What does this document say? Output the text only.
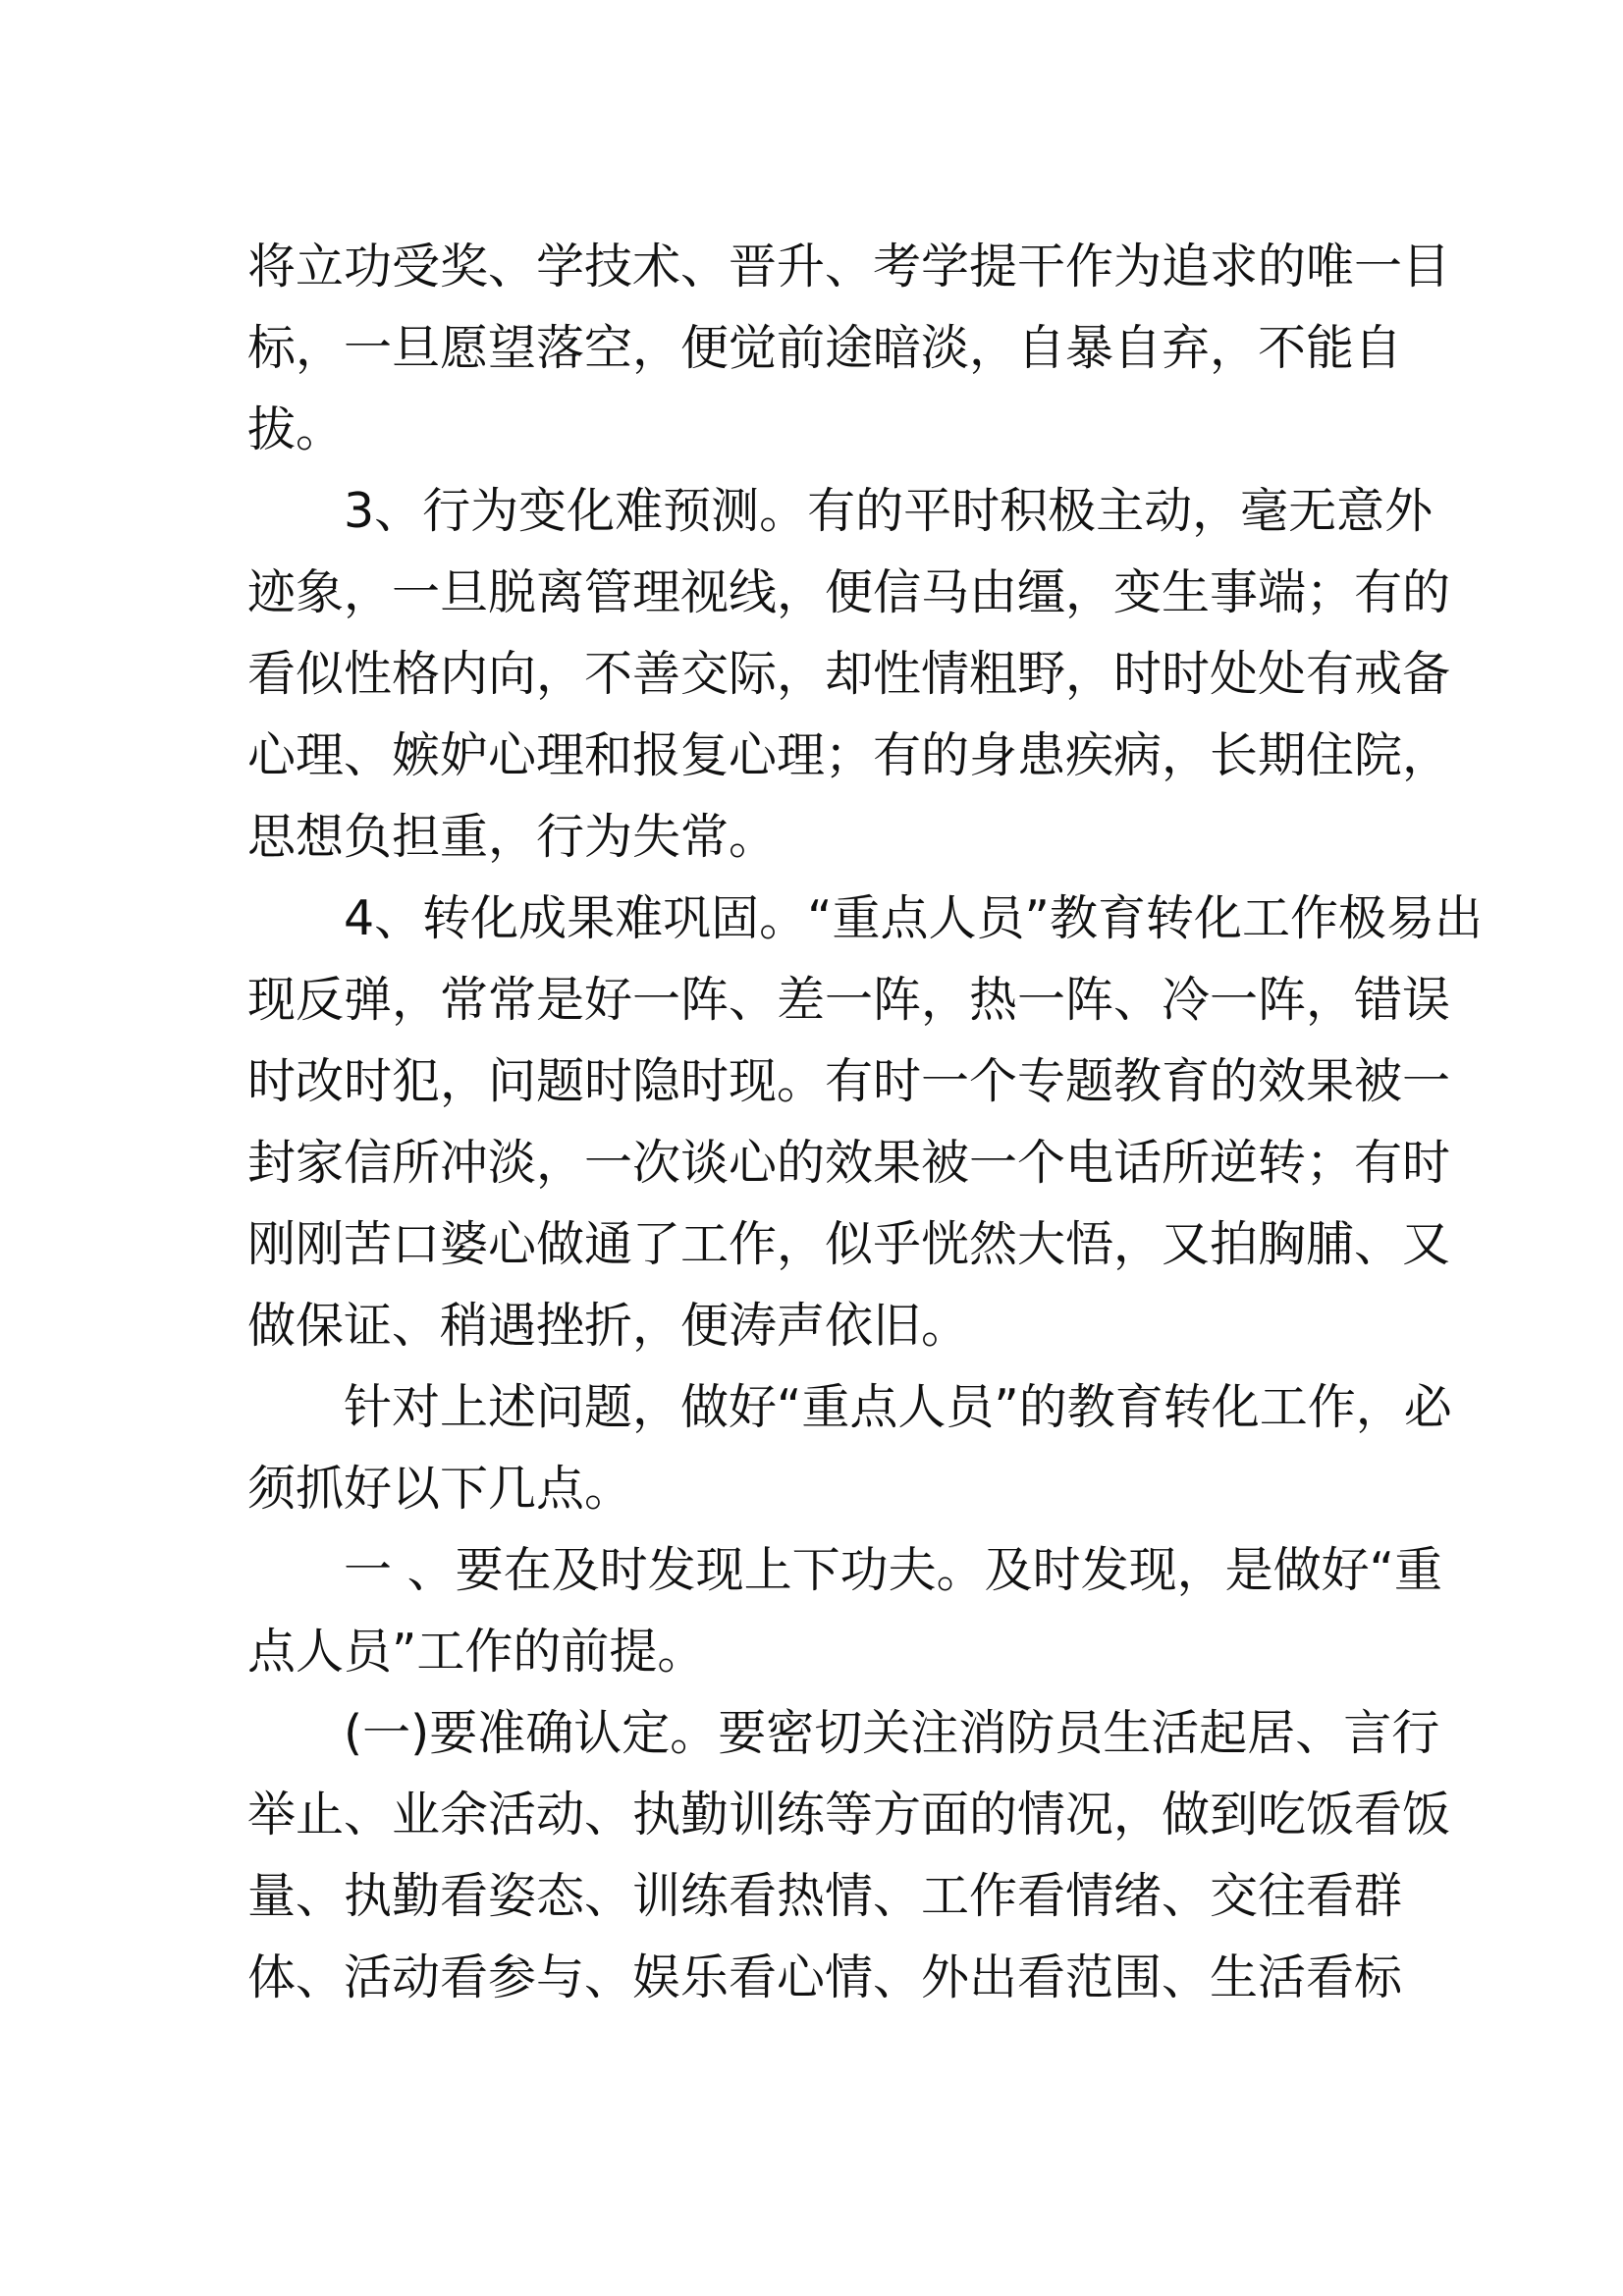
将立功受奖、学技术、晋升、考学提干作为追求的唯一目
标，一旦愿望落空，便觉前途暗淡，自暴自弃，不能自
拔。
3、行为变化难预测。有的平时积极主动，毫无意外
迹象，一旦脱离管理视线，便信马由缰，变生事端；有的
看似性格内向，不善交际，却性情粗野，时时处处有戒备
心理、嫉妒心理和报复心理；有的身患疾病，长期住院，
思想负担重，行为失常。
4、转化成果难巩固。“重点人员”教育转化工作极易出
现反弹，常常是好一阵、差一阵，热一阵、冷一阵，错误
时改时犯，问题时隐时现。有时一个专题教育的效果被一
封家信所冲淡，一次谈心的效果被一个电话所逆转；有时
刚刚苦口婆心做通了工作，似乎恍然大悟，又拍胸脯、又
做保证、稍遇挫折，便涛声依旧。
针对上述问题，做好“重点人员”的教育转化工作，必
须抓好以下几点。
一 、要在及时发现上下功夫。及时发现，是做好“重
点人员”工作的前提。
(一)要准确认定。要密切关注消防员生活起居、言行
举止、业余活动、执勤训练等方面的情况，做到吃饭看饭
量、执勤看姿态、训练看热情、工作看情绪、交往看群
体、活动看参与、娱乐看心情、外出看范围、生活看标
